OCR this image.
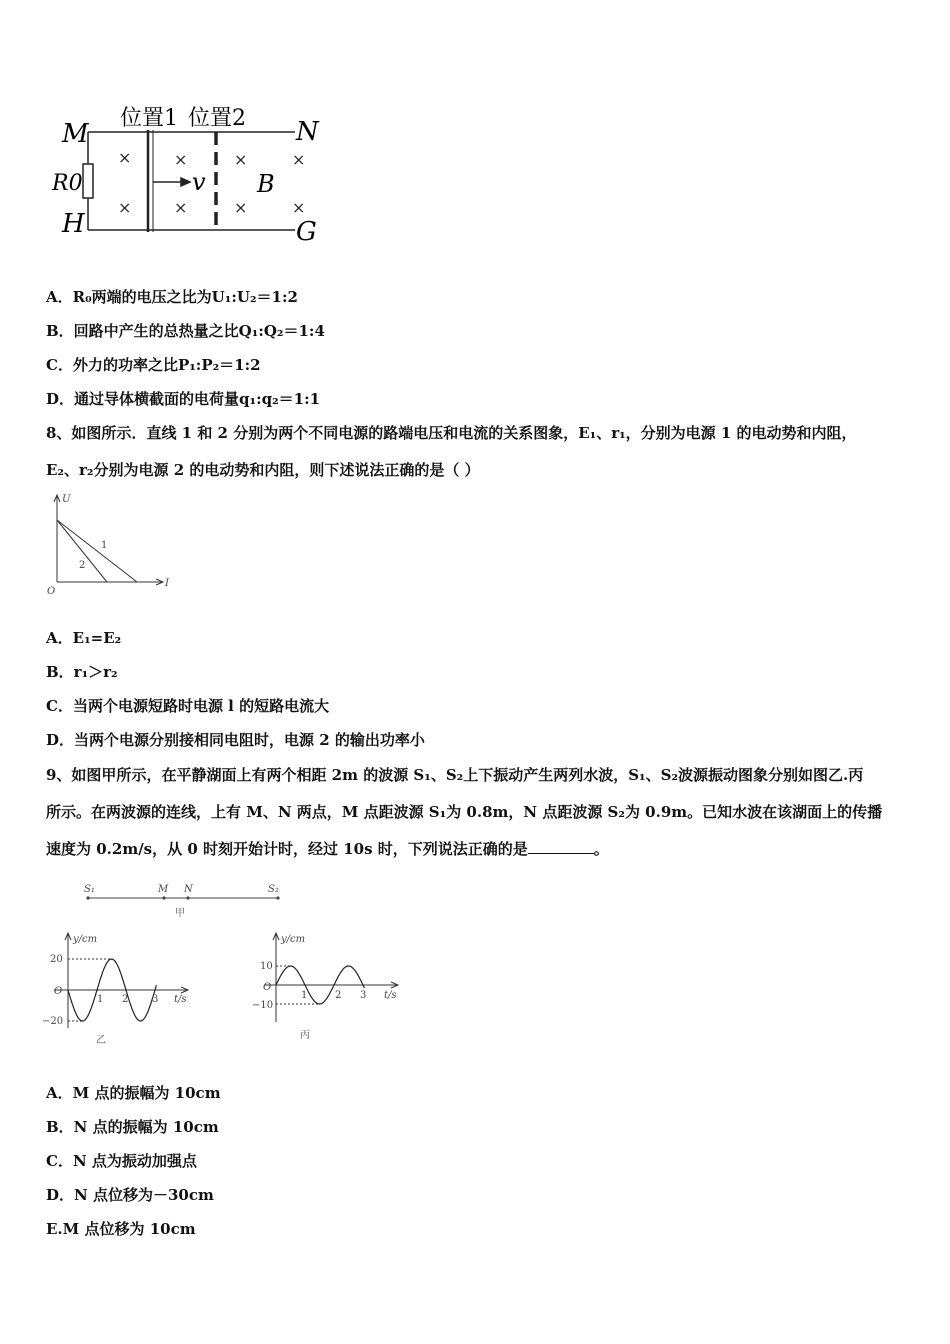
M
R0
H
N
G
位置1 位置2
v B
×
×
×
×
×
×
×
×
A．R₀两端的电压之比为U₁:U₂＝1:2
B．回路中产生的总热量之比Q₁:Q₂＝1:4
C．外力的功率之比P₁:P₂＝1:2
D．通过导体横截面的电荷量q₁:q₂＝1:1
8、如图所示．直线 1 和 2 分别为两个不同电源的路端电压和电流的关系图象，E₁、r₁，分别为电源 1 的电动势和内阻，
E₂、r₂分别为电源 2 的电动势和内阻，则下述说法正确的是（ ）
U
I
O
1
2
A．E₁=E₂
B．r₁＞r₂
C．当两个电源短路时电源 l 的短路电流大
D．当两个电源分别接相同电阻时，电源 2 的输出功率小
9、如图甲所示，在平静湖面上有两个相距 2m 的波源 S₁、S₂上下振动产生两列水波，S₁、S₂波源振动图象分别如图乙.丙
所示。在两波源的连线，上有 M、N 两点，M 点距波源 S₁为 0.8m，N 点距波源 S₂为 0.9m。已知水波在该湖面上的传播
速度为 0.2m/s，从 0 时刻开始计时，经过 10s 时，下列说法正确的是	。
S₁	M N	S₂
甲
y/cm
t/s
20
−20
O
1 2 3
乙
y/cm
t/s
10
−10
O
1	2 3
丙
A．M 点的振幅为 10cm
B．N 点的振幅为 10cm
C．N 点为振动加强点
D．N 点位移为－30cm
E.M 点位移为 10cm
